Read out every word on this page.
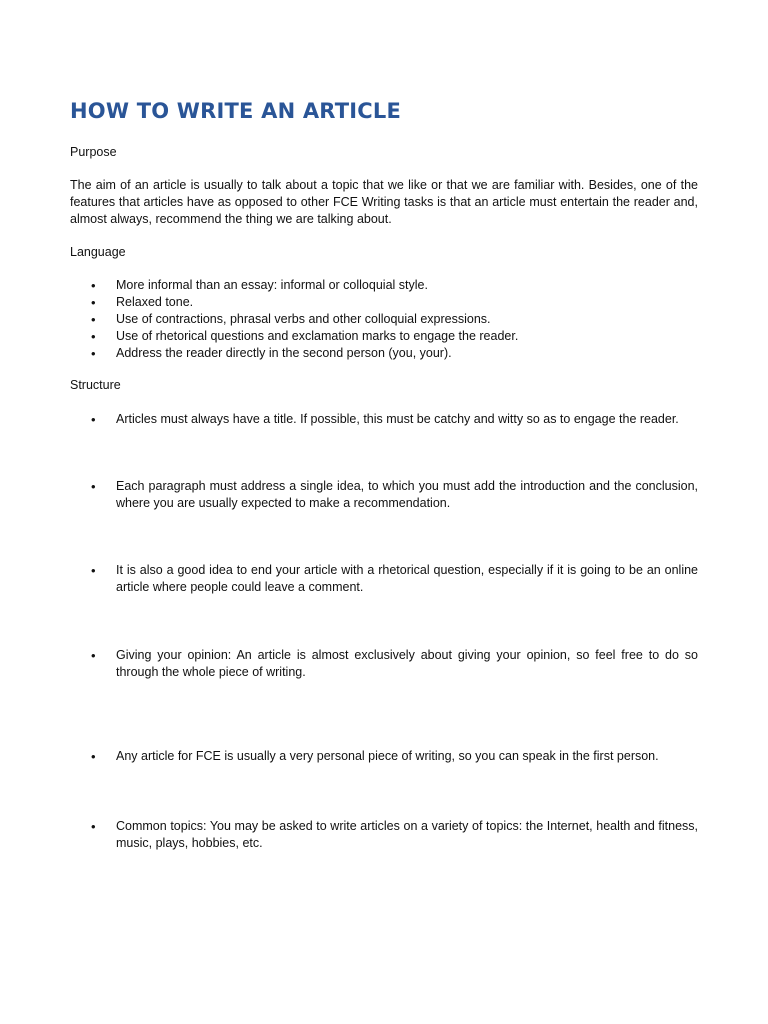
HOW TO WRITE AN ARTICLE

Purpose

The aim of an article is usually to talk about a topic that we like or that we are familiar with. Besides, one of the features that articles have as opposed to other FCE Writing tasks is that an article must entertain the reader and, almost always, recommend the thing we are talking about.

Language

• More informal than an essay: informal or colloquial style.
• Relaxed tone.
• Use of contractions, phrasal verbs and other colloquial expressions.
• Use of rhetorical questions and exclamation marks to engage the reader.
• Address the reader directly in the second person (you, your).

Structure

• Articles must always have a title. If possible, this must be catchy and witty so as to engage the reader.
• Each paragraph must address a single idea, to which you must add the introduction and the conclusion, where you are usually expected to make a recommendation.
• It is also a good idea to end your article with a rhetorical question, especially if it is going to be an online article where people could leave a comment.
• Giving your opinion: An article is almost exclusively about giving your opinion, so feel free to do so through the whole piece of writing.
• Any article for FCE is usually a very personal piece of writing, so you can speak in the first person.
• Common topics: You may be asked to write articles on a variety of topics: the Internet, health and fitness, music, plays, hobbies, etc.
